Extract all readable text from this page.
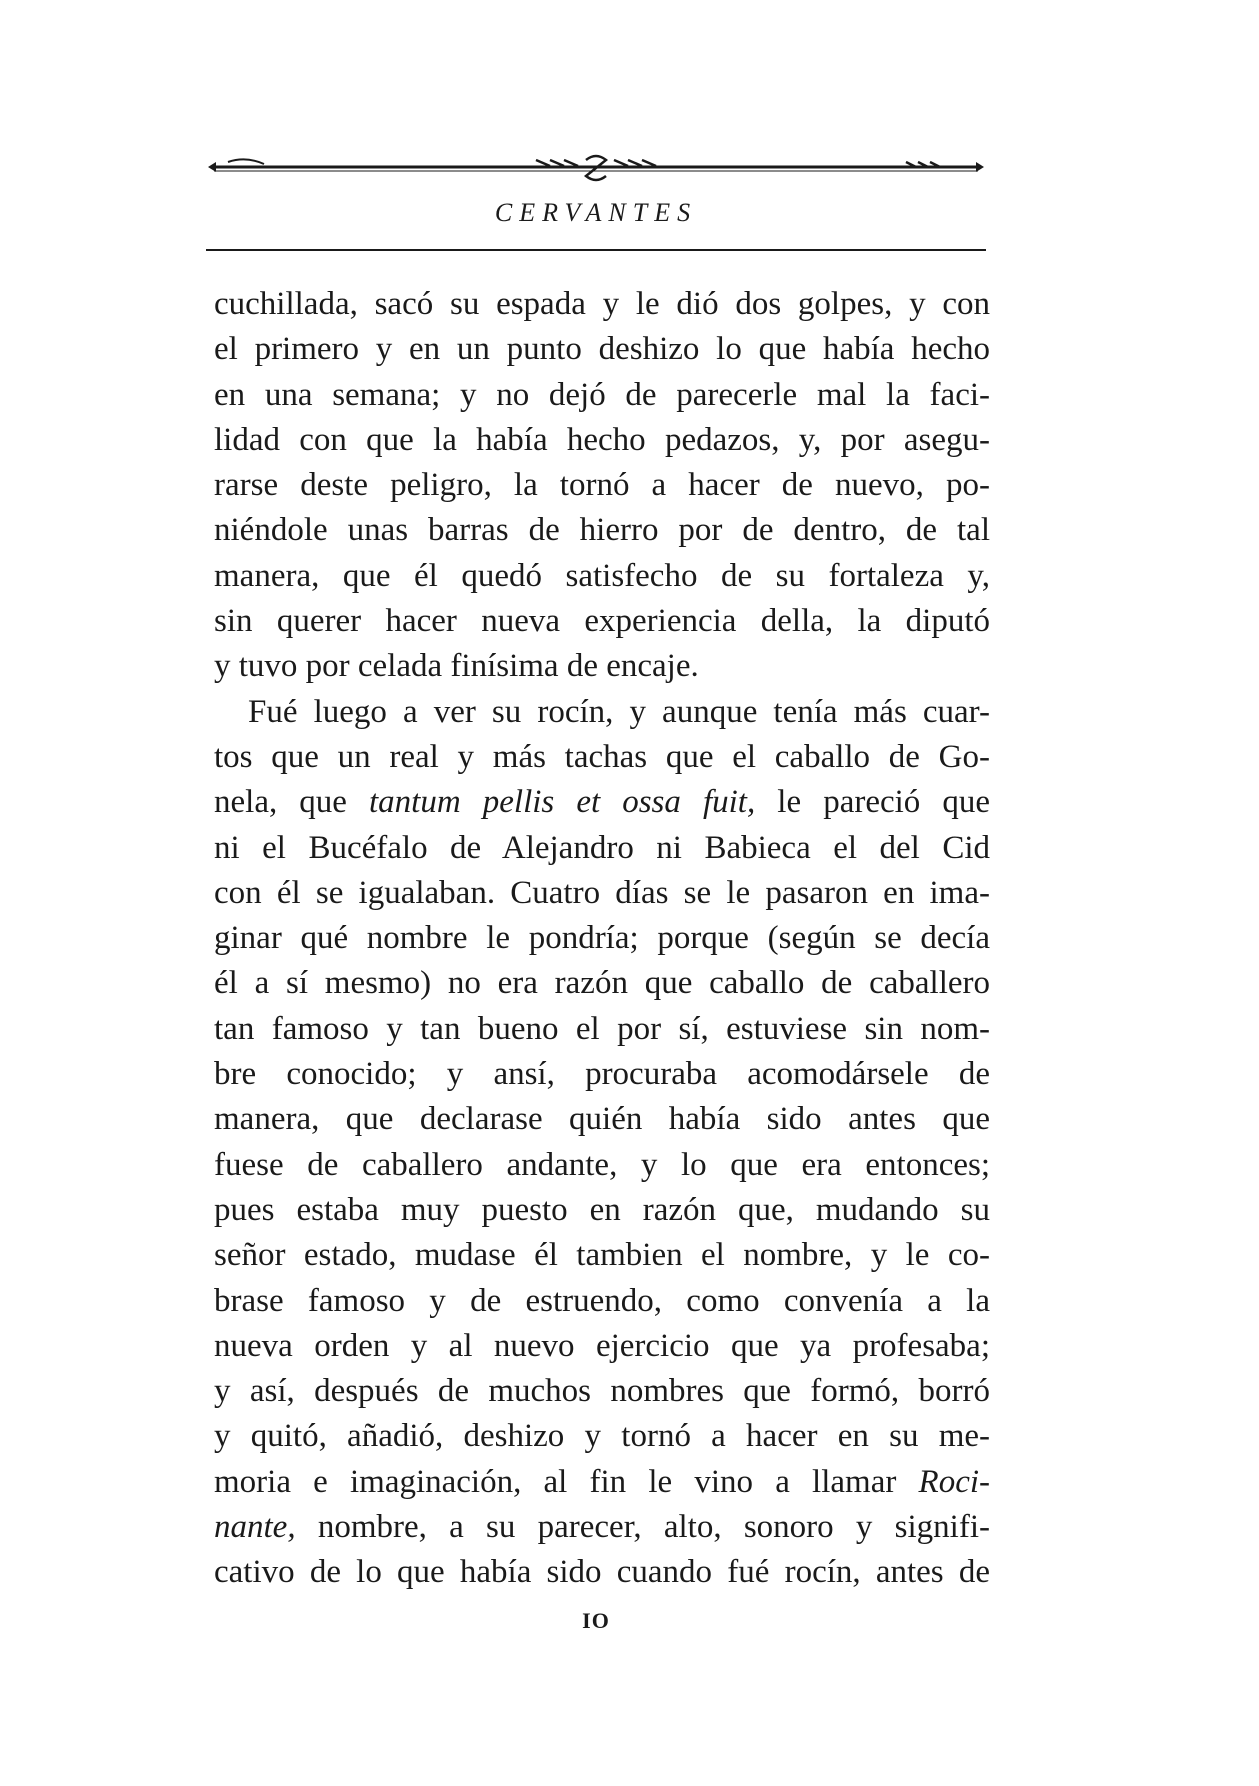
CERVANTES
cuchillada, sacó su espada y le dió dos golpes, y con
el primero y en un punto deshizo lo que había hecho
en una semana; y no dejó de parecerle mal la faci-
lidad con que la había hecho pedazos, y, por asegu-
rarse deste peligro, la tornó a hacer de nuevo, po-
niéndole unas barras de hierro por de dentro, de tal
manera, que él quedó satisfecho de su fortaleza y,
sin querer hacer nueva experiencia della, la diputó
y tuvo por celada finísima de encaje.
Fué luego a ver su rocín, y aunque tenía más cuar-
tos que un real y más tachas que el caballo de Go-
nela, que tantum pellis et ossa fuit, le pareció que
ni el Bucéfalo de Alejandro ni Babieca el del Cid
con él se igualaban. Cuatro días se le pasaron en ima-
ginar qué nombre le pondría; porque (según se decía
él a sí mesmo) no era razón que caballo de caballero
tan famoso y tan bueno el por sí, estuviese sin nom-
bre conocido; y ansí, procuraba acomodársele de
manera, que declarase quién había sido antes que
fuese de caballero andante, y lo que era entonces;
pues estaba muy puesto en razón que, mudando su
señor estado, mudase él tambien el nombre, y le co-
brase famoso y de estruendo, como convenía a la
nueva orden y al nuevo ejercicio que ya profesaba;
y así, después de muchos nombres que formó, borró
y quitó, añadió, deshizo y tornó a hacer en su me-
moria e imaginación, al fin le vino a llamar Roci-
nante, nombre, a su parecer, alto, sonoro y signifi-
cativo de lo que había sido cuando fué rocín, antes de
IO
